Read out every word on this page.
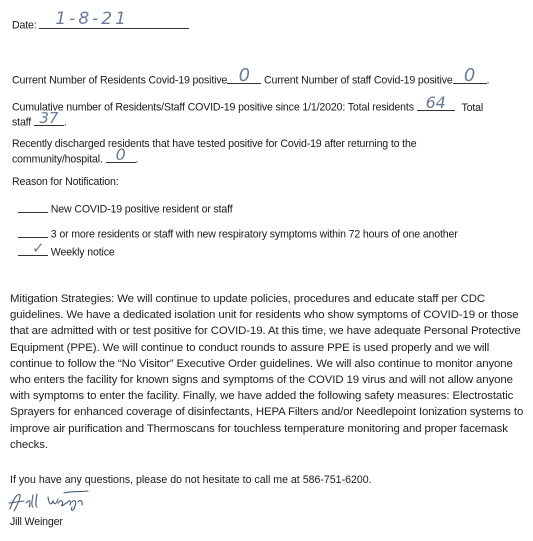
Date:	1-8-21
Current Number of Residents Covid-19 positive 0	Current Number of staff Covid-19 positive 0	.
Cumulative number of Residents/Staff COVID-19 positive since 1/1/2020: Total residents 64	Total
staff 37 .
Recently discharged residents that have tested positive for Covid-19 after returning to the
community/hospital. 0 .
Reason for Notification:
New COVID-19 positive resident or staff
3 or more residents or staff with new respiratory symptoms within 72 hours of one another
✓ Weekly notice
Mitigation Strategies: We will continue to update policies, procedures and educate staff per CDC guidelines. We have a dedicated isolation unit for residents who show symptoms of COVID-19 or those that are admitted with or test positive for COVID-19. At this time, we have adequate Personal Protective Equipment (PPE). We will continue to conduct rounds to assure PPE is used properly and we will continue to follow the “No Visitor” Executive Order guidelines. We will also continue to monitor anyone who enters the facility for known signs and symptoms of the COVID 19 virus and will not allow anyone with symptoms to enter the facility. Finally, we have added the following safety measures: Electrostatic Sprayers for enhanced coverage of disinfectants, HEPA Filters and/or Needlepoint Ionization systems to improve air purification and Thermoscans for touchless temperature monitoring and proper facemask checks.
If you have any questions, please do not hesitate to call me at 586-751-6200.
Jill Weinger
